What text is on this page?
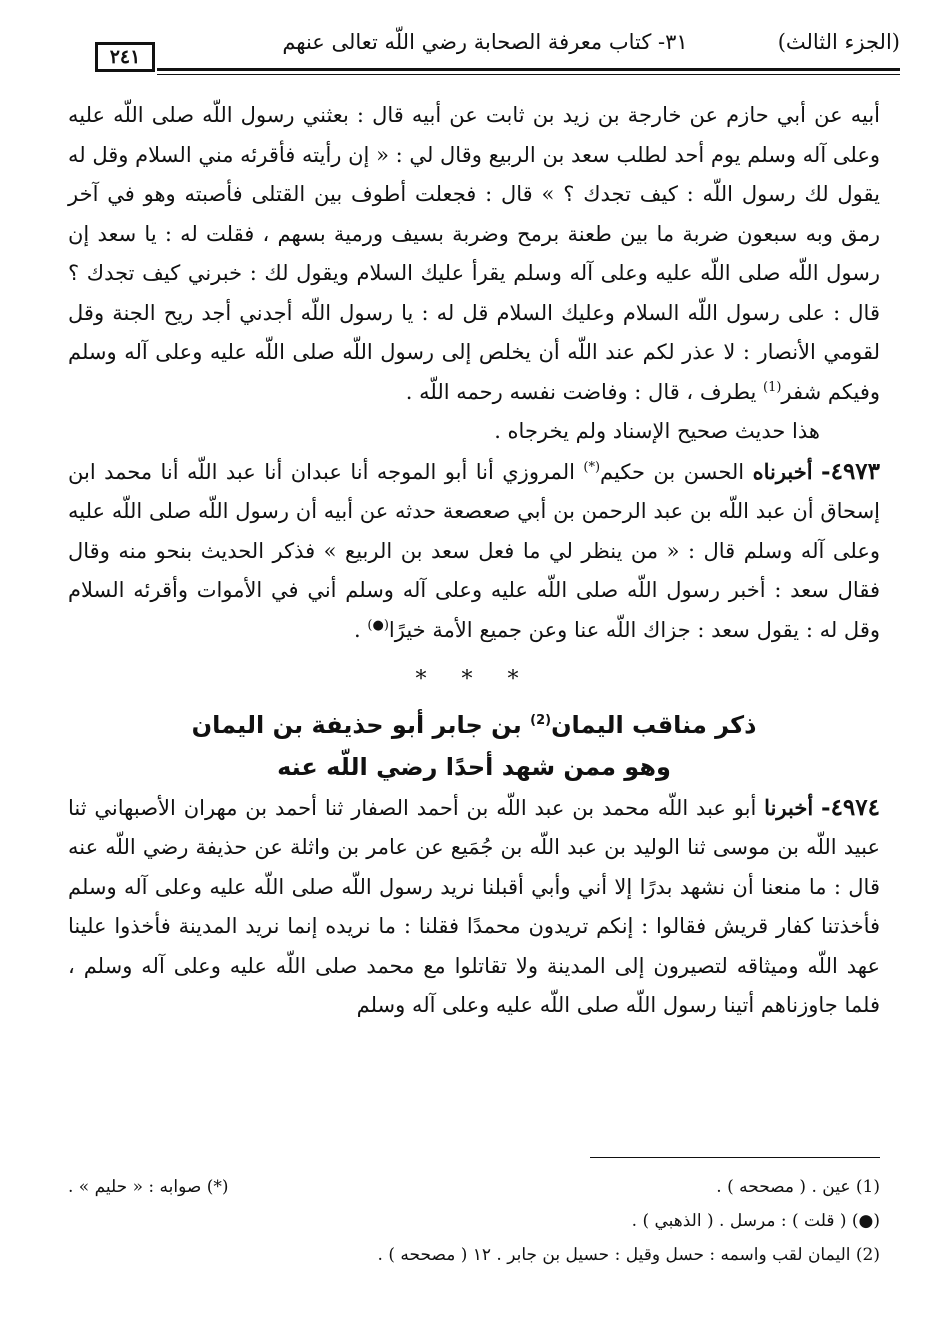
٢٤١
٣١- كتاب معرفة الصحابة رضي اللّه تعالى عنهم	(الجزء الثالث)

أبيه عن أبي حازم عن خارجة بن زيد بن ثابت عن أبيه قال : بعثني رسول اللّه صلى اللّه عليه وعلى آله وسلم يوم أحد لطلب سعد بن الربيع وقال لي : « إن رأيته فأقرئه مني السلام وقل له يقول لك رسول اللّه : كيف تجدك ؟ » قال : فجعلت أطوف بين القتلى فأصبته وهو في آخر رمق وبه سبعون ضربة ما بين طعنة برمح وضربة بسيف ورمية بسهم ، فقلت له : يا سعد إن رسول اللّه صلى اللّه عليه وعلى آله وسلم يقرأ عليك السلام ويقول لك : خبرني كيف تجدك ؟ قال : على رسول اللّه السلام وعليك السلام قل له : يا رسول اللّه أجدني أجد ريح الجنة وقل لقومي الأنصار : لا عذر لكم عند اللّه أن يخلص إلى رسول اللّه صلى اللّه عليه وعلى آله وسلم وفيكم شفر$^{(1)}$ يطرف ، قال : وفاضت نفسه رحمه اللّه .

هذا حديث صحيح الإسناد ولم يخرجاه .

٤٩٧٣- أخبرناه الحسن بن حكيم(*) المروزي أنا أبو الموجه أنا عبدان أنا عبد اللّه أنا محمد ابن إسحاق أن عبد اللّه بن عبد الرحمن بن أبي صعصعة حدثه عن أبيه أن رسول اللّه صلى اللّه عليه وعلى آله وسلم قال : « من ينظر لي ما فعل سعد بن الربيع » فذكر الحديث بنحو منه وقال فقال سعد : أخبر رسول اللّه صلى اللّه عليه وعلى آله وسلم أني في الأموات وأقرئه السلام وقل له : يقول سعد : جزاك اللّه عنا وعن جميع الأمة خيرًا(●) .

* * *
ذكر مناقب اليمان$^{(2)}$ بن جابر أبو حذيفة بن اليمان
وهو ممن شهد أحدًا رضي اللّه عنه

٤٩٧٤- أخبرنا أبو عبد اللّه محمد بن عبد اللّه بن أحمد الصفار ثنا أحمد بن مهران الأصبهاني ثنا عبيد اللّه بن موسى ثنا الوليد بن عبد اللّه بن جُمَيع عن عامر بن واثلة عن حذيفة رضي اللّه عنه قال : ما منعنا أن نشهد بدرًا إلا أني وأبي أقبلنا نريد رسول اللّه صلى اللّه عليه وعلى آله وسلم فأخذتنا كفار قريش فقالوا : إنكم تريدون محمدًا فقلنا : ما نريده إنما نريد المدينة فأخذوا علينا عهد اللّه وميثاقه لتصيرون إلى المدينة ولا تقاتلوا مع محمد صلى اللّه عليه وعلى آله وسلم ، فلما جاوزناهم أتينا رسول اللّه صلى اللّه عليه وعلى آله وسلم

(1) عين . ( مصححه ) .
(●) ( قلت ) : مرسل . ( الذهبي ) .
(2) اليمان لقب واسمه : حسل وقيل : حسيل بن جابر . ١٢ ( مصححه ) .
(*) صوابه : « حليم » .
